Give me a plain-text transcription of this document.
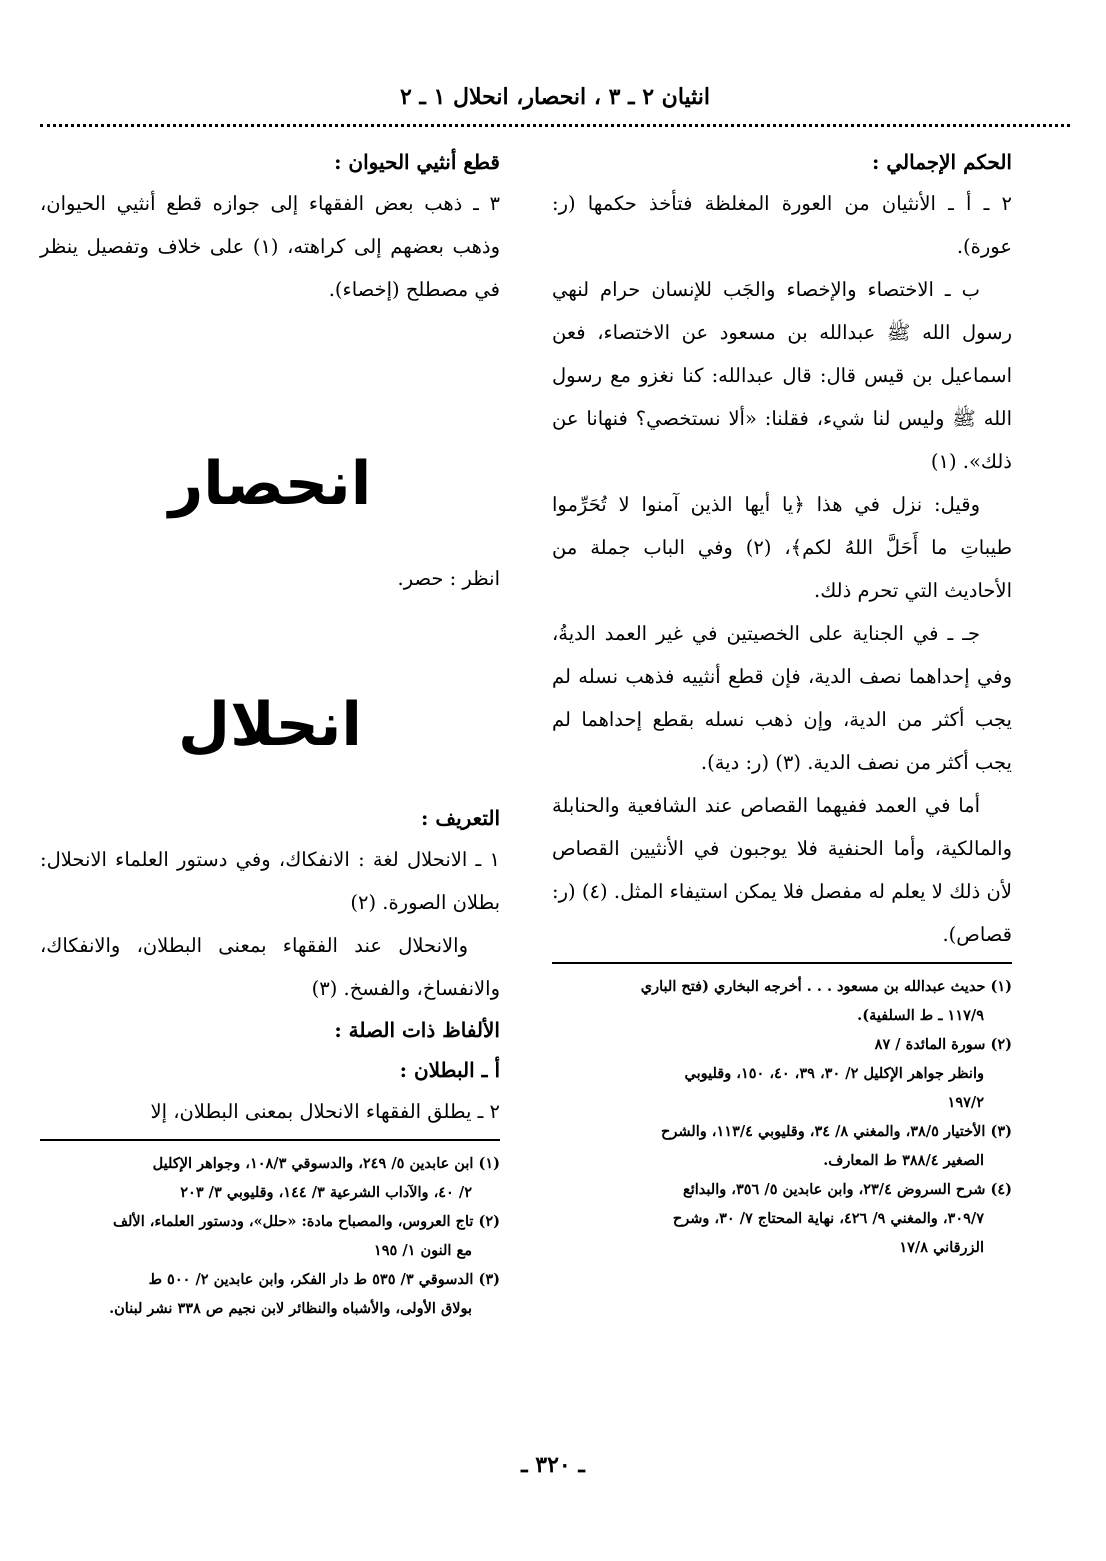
انثيان ٢ ـ ٣ ، انحصار، انحلال ١ ـ ٢
الحكم الإجمالي :

٢ ـ أ ـ الأنثيان من العورة المغلظة فتأخذ حكمها (ر: عورة).

ب ـ الاختصاء والإخصاء والجَب للإنسان حرام لنهي رسول الله ﷺ عبدالله بن مسعود عن الاختصاء، فعن اسماعيل بن قيس قال: قال عبدالله: كنا نغزو مع رسول الله ﷺ وليس لنا شيء، فقلنا: «ألا نستخصي؟ فنهانا عن ذلك». (١)

وقيل: نزل في هذا ﴿يا أيها الذين آمنوا لا تُحَرِّموا طيباتِ ما أَحَلَّ اللهُ لكم﴾، (٢) وفي الباب جملة من الأحاديث التي تحرم ذلك.

جـ ـ في الجناية على الخصيتين في غير العمد الديةُ، وفي إحداهما نصف الدية، فإن قطع أنثييه فذهب نسله لم يجب أكثر من الدية، وإن ذهب نسله بقطع إحداهما لم يجب أكثر من نصف الدية. (٣) (ر: دية).

أما في العمد ففيهما القصاص عند الشافعية والحنابلة والمالكية، وأما الحنفية فلا يوجبون في الأنثيين القصاص لأن ذلك لا يعلم له مفصل فلا يمكن استيفاء المثل. (٤) (ر: قصاص).

(١) حديث عبدالله بن مسعود . . . أخرجه البخاري (فتح الباري
١١٧/٩ ـ ط السلفية).
(٢) سورة المائدة / ٨٧
وانظر جواهر الإكليل ٢/ ٣٠، ٣٩، ٤٠، ١٥٠، وقليوبي
١٩٧/٢
(٣) الأختيار ٣٨/٥، والمغني ٨/ ٣٤، وقليوبي ١١٣/٤، والشرح
الصغير ٣٨٨/٤ ط المعارف.
(٤) شرح السروض ٢٣/٤، وابن عابدين ٥/ ٣٥٦، والبدائع
٣٠٩/٧، والمغني ٩/ ٤٢٦، نهاية المحتاج ٧/ ٣٠، وشرح
الزرقاني ١٧/٨
قطع أنثيي الحيوان :

٣ ـ ذهب بعض الفقهاء إلى جوازه قطع أنثيي الحيوان، وذهب بعضهم إلى كراهته، (١) على خلاف وتفصيل ينظر في مصطلح (إخصاء).

انحصار

انظر : حصر.

انحلال
التعريف :

١ ـ الانحلال لغة : الانفكاك، وفي دستور العلماء الانحلال: بطلان الصورة. (٢)

والانحلال عند الفقهاء بمعنى البطلان، والانفكاك، والانفساخ، والفسخ. (٣)

الألفاظ ذات الصلة :
أ ـ البطلان :

٢ ـ يطلق الفقهاء الانحلال بمعنى البطلان، إلا

(١) ابن عابدين ٥/ ٢٤٩، والدسوقي ١٠٨/٣، وجواهر الإكليل
٢/ ٤٠، والآداب الشرعية ٣/ ١٤٤، وقليوبي ٣/ ٢٠٣
(٢) تاج العروس، والمصباح مادة: «حلل»، ودستور العلماء، الألف
مع النون ١/ ١٩٥
(٣) الدسوقي ٣/ ٥٣٥ ط دار الفكر، وابن عابدين ٢/ ٥٠٠ ط
بولاق الأولى، والأشباه والنظائر لابن نجيم ص ٣٣٨ نشر لبنان.
ـ ٣٢٠ ـ
